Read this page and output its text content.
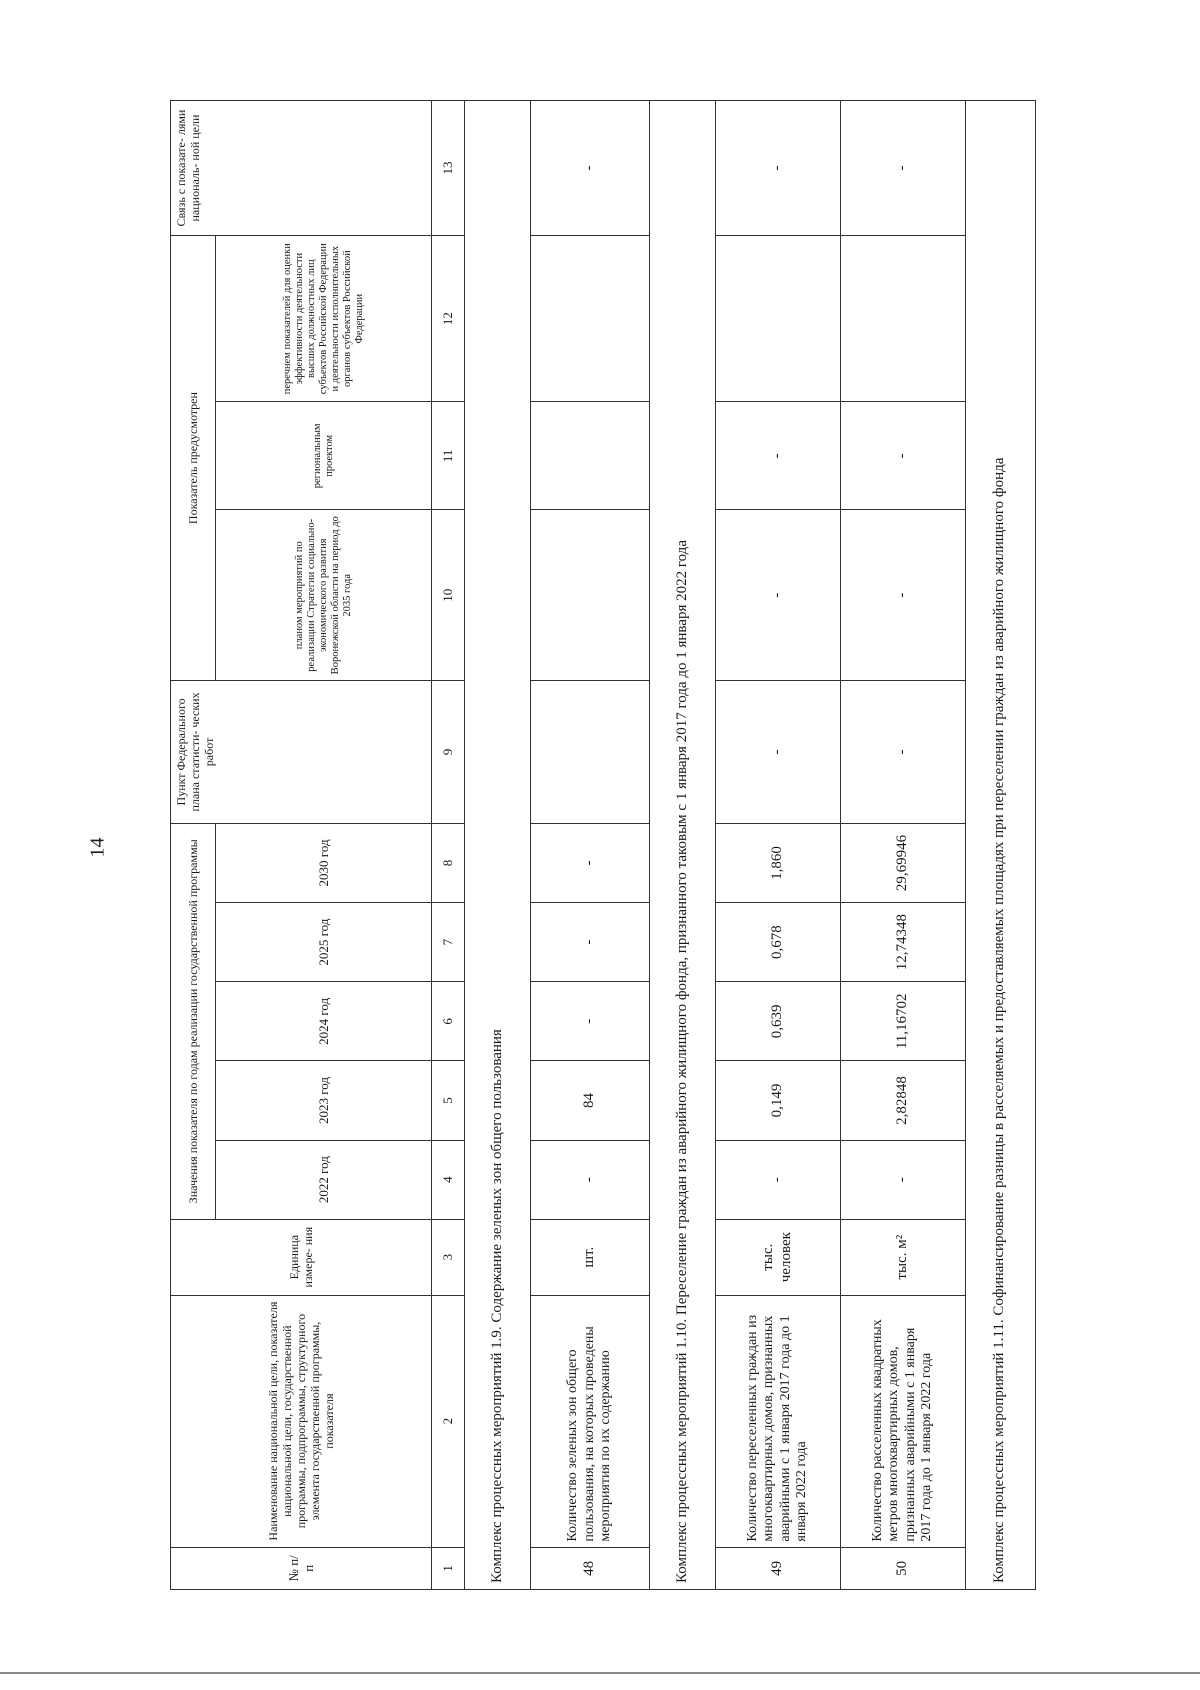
14
№ п/п	Наименование национальной цели, показателя национальной цели, государственной программы, подпрограммы, структурного элемента государственной программы, показателя	Единица измере- ния	Значения показателя по годам реализации государственной программы					Пункт Федерального плана статисти- ческих работ	Показатель предусмотрен			Связь с показате- лями националь- ной цели
			2022 год	2023 год	2024 год	2025 год	2030 год		планом мероприятий по реализации Стратегии социально- экономического развития Воронежской области на период до 2035 года	региональным проектом	перечнем показателей для оценки эффективности деятельности высших должностных лиц субъектов Российской Федерации и деятельности исполнительных органов субъектов Российской Федерации	
1	2	3	4	5	6	7	8	9	10	11	12	13
Комплекс процессных мероприятий 1.9. Содержание зеленых зон общего пользования												
48	Количество зеленых зон общего пользования, на которых проведены мероприятия по их содержанию	шт.	-	84	-	-	-					-
Комплекс процессных мероприятий 1.10. Переселение граждан из аварийного жилищного фонда, признанного таковым с 1 января 2017 года до 1 января 2022 года												
49	Количество переселенных граждан из многоквартирных домов, признанных аварийными с 1 января 2017 года до 1 января 2022 года	тыс. человек	-	0,149	0,639	0,678	1,860	-	-	-		-
50	Количество расселенных квадратных метров многоквартирных домов, признанных аварийными с 1 января 2017 года до 1 января 2022 года	тыс. м²	-	2,82848	11,16702	12,74348	29,69946	-	-	-		-
Комплекс процессных мероприятий 1.11. Софинансирование разницы в расселяемых и предоставляемых площадях при переселении граждан из аварийного жилищного фонда												
